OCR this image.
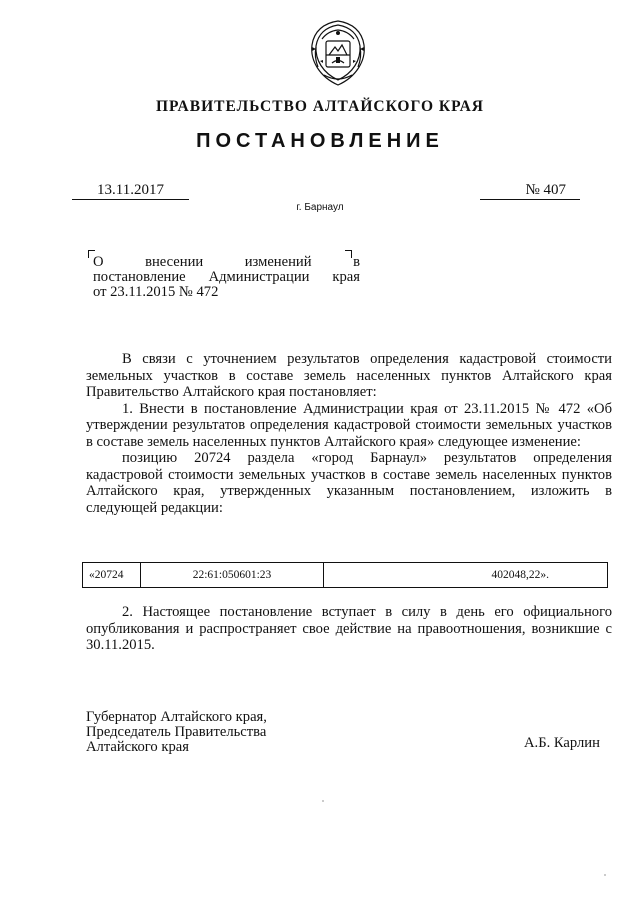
ПРАВИТЕЛЬСТВО АЛТАЙСКОГО КРАЯ
ПОСТАНОВЛЕНИЕ
13.11.2017	№ 407
г. Барнаул
О	внесении	изменений	в
постановление Администрации края
от 23.11.2015 № 472

В связи с уточнением результатов определения кадастровой стоимости земельных участков в составе земель населенных пунктов Алтайского края Правительство Алтайского края постановляет:

1. Внести в постановление Администрации края от 23.11.2015 № 472 «Об утверждении результатов определения кадастровой стоимости земельных участков в составе земель населенных пунктов Алтайского края» следующее изменение:

позицию 20724 раздела «город Барнаул» результатов определения кадастровой стоимости земельных участков в составе земель населенных пунктов Алтайского края, утвержденных указанным постановлением, изложить в следующей редакции:

«20724	22:61:050601:23	402048,22».

2. Настоящее постановление вступает в силу в день его официального опубликования и распространяет свое действие на правоотношения, возникшие с 30.11.2015.

Губернатор Алтайского края,
Председатель Правительства
Алтайского края	А.Б. Карлин
